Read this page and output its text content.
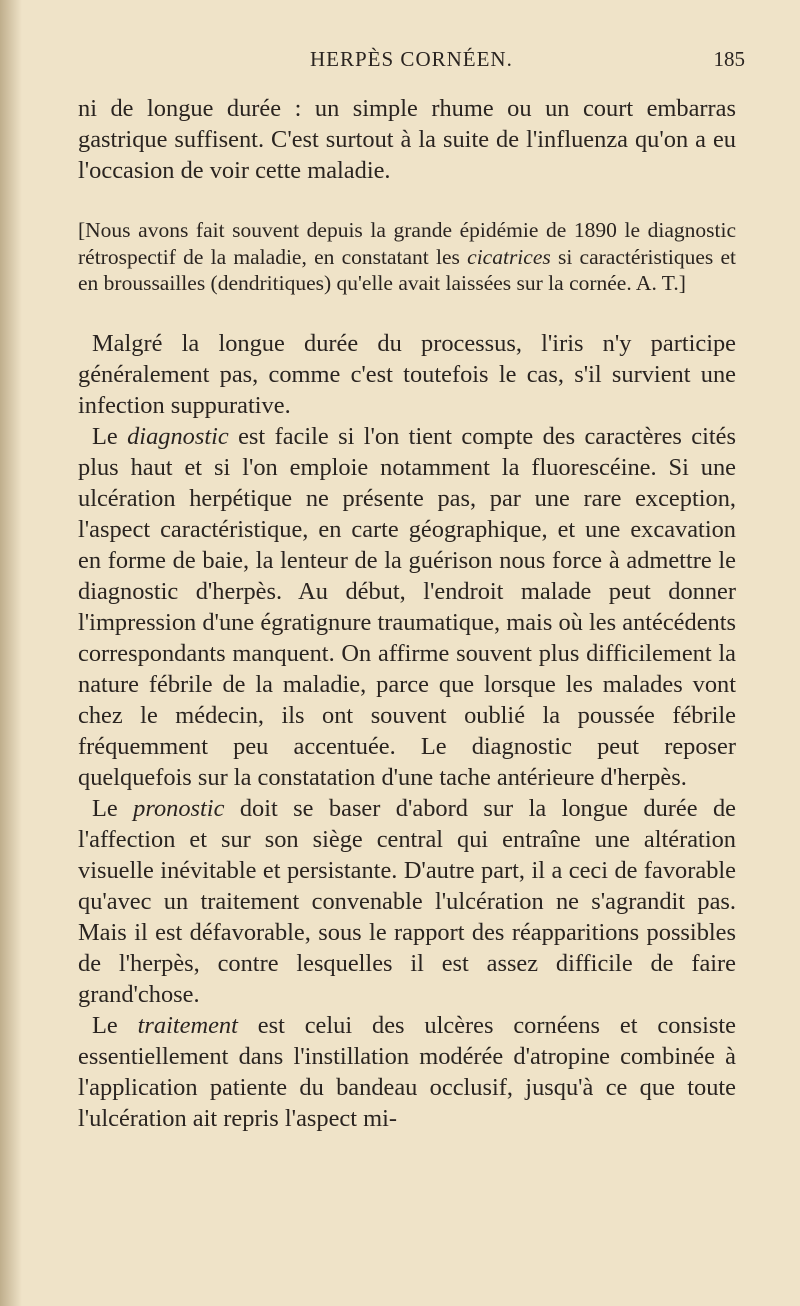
HERPÈS CORNÉEN.	185

ni de longue durée : un simple rhume ou un court embarras gastrique suffisent. C'est surtout à la suite de l'influenza qu'on a eu l'occasion de voir cette maladie.

[Nous avons fait souvent depuis la grande épidémie de 1890 le diagnostic rétrospectif de la maladie, en constatant les cicatrices si caractéristiques et en broussailles (dendritiques) qu'elle avait laissées sur la cornée. A. T.]

Malgré la longue durée du processus, l'iris n'y participe généralement pas, comme c'est toutefois le cas, s'il survient une infection suppurative.

Le diagnostic est facile si l'on tient compte des caractères cités plus haut et si l'on emploie notamment la fluorescéine. Si une ulcération herpétique ne présente pas, par une rare exception, l'aspect caractéristique, en carte géographique, et une excavation en forme de baie, la lenteur de la guérison nous force à admettre le diagnostic d'herpès. Au début, l'endroit malade peut donner l'impression d'une égratignure traumatique, mais où les antécédents correspondants manquent. On affirme souvent plus difficilement la nature fébrile de la maladie, parce que lorsque les malades vont chez le médecin, ils ont souvent oublié la poussée fébrile fréquemment peu accentuée. Le diagnostic peut reposer quelquefois sur la constatation d'une tache antérieure d'herpès.

Le pronostic doit se baser d'abord sur la longue durée de l'affection et sur son siège central qui entraîne une altération visuelle inévitable et persistante. D'autre part, il a ceci de favorable qu'avec un traitement convenable l'ulcération ne s'agrandit pas. Mais il est défavorable, sous le rapport des réapparitions possibles de l'herpès, contre lesquelles il est assez difficile de faire grand'chose.

Le traitement est celui des ulcères cornéens et consiste essentiellement dans l'instillation modérée d'atropine combinée à l'application patiente du bandeau occlusif, jusqu'à ce que toute l'ulcération ait repris l'aspect mi-
